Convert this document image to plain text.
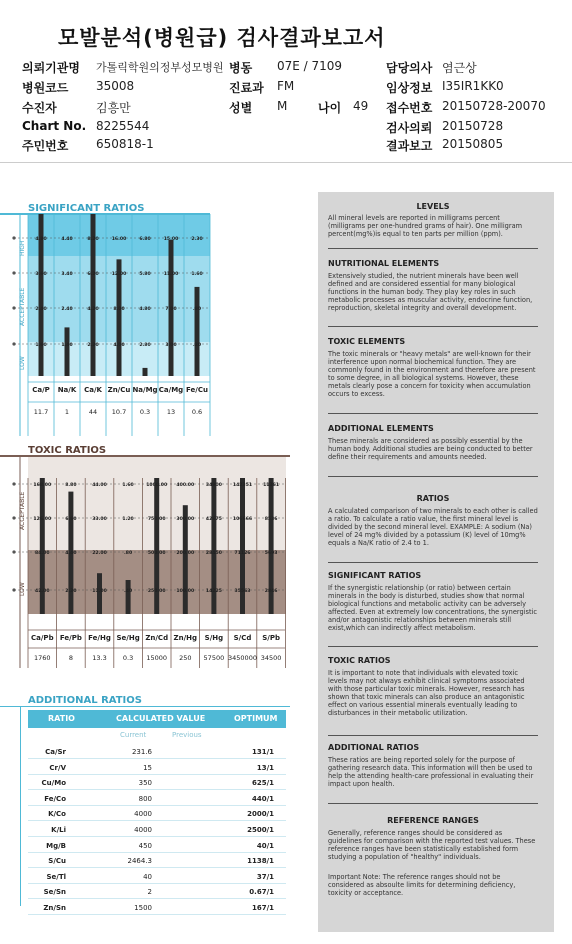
모발분석(병원급) 검사결과보고서
의뢰기관명 가톨릭학원의정부성모병원 병동 07E / 7109	담당의사 염근상
병원코드 35008	진료과 FM	임상정보 I35IR1KK0
수진자	김흥만	성별 M	나이 49 접수번호 20150728-20070
Chart No. 8225544	검사의뢰 20150728
주민번호 650818-1	결과보고 20150805
SIGNIFICANT RATIOS
HIGH
ACCEPTABLE
LOW
4.80
3.60
2.40
1.60
4.40
3.40
2.40
1.40
8.20
6.20
4.20
2.20
16.00
12.00
8.00
4.00
6.80
5.80
4.80
2.80
15.00
11.00
7.00
3.00
2.30
1.60
.90
.20
Ca/P Na/K Ca/K Zn/Cu Na/Mg Ca/Mg Fe/Cu
11.7	1	44 10.7 0.3	13	0.6
TOXIC RATIOS
ACCEPTABLE
LOW
168.00
126.00
84.00
42.00
8.80
6.60
4.40
2.20
44.00
33.00
22.00
11.00
1.60
1.20
.80
.40
1000.00
750.00
500.00
250.00
400.00
300.00
200.00
100.00
34900
42675
28450
14225
142351
106666
71126
35563
11361
8536
5693
2846
Ca/Pb Fe/Pb Fe/Hg Se/Hg Zn/Cd Zn/Hg S/Hg S/Cd S/Pb
1760	8	13.3 0.3 15000 250 57500 3450000 34500
ADDITIONAL RATIOS
RATIO	CALCULATED VALUE	OPTIMUM
Current	Previous
Ca/Sr	231.6	131/1
Cr/V	15	13/1
Cu/Mo	350	625/1
Fe/Co	800	440/1
K/Co	4000	2000/1
K/Li	4000	2500/1
Mg/B	450	40/1
S/Cu	2464.3	1138/1
Se/Tl	40	37/1
Se/Sn	2	0.67/1
Zn/Sn	1500	167/1
LEVELS
All mineral levels are reported in milligrams percent (milligrams per one-hundred grams of hair). One milligram percent(mg%)is equal to ten parts per million (ppm).
NUTRITIONAL ELEMENTS
Extensively studied, the nutrient minerals have been well defined and are considered essential for many biological functions in the human body. They play key roles in such metabolic processes as muscular activity, endocrine function, reproduction, skeletal integrity and overall development.
TOXIC ELEMENTS
The toxic minerals or "heavy metals" are well-known for their interference upon normal biochemical function. They are commonly found in the environment and therefore are present to some degree, in all biological systems. However, these metals clearly pose a concern for toxicity when accumulation occurs to excess.
ADDITIONAL ELEMENTS
These minerals are considered as possibly essential by the human body. Additional studies are being conducted to better define their requirements and amounts needed.
RATIOS
A calculated comparison of two minerals to each other is called a ratio. To calculate a ratio value, the first mineral level is divided by the second mineral level. EXAMPLE: A sodium (Na) level of 24 mg% divided by a potassium (K) level of 10mg% equals a Na/K ratio of 2.4 to 1.
SIGNIFICANT RATIOS
If the synergistic relationship (or ratio) between certain minerals in the body is disturbed, studies show that normal biological functions and metabolic activity can be adversely affected. Even at extremely low concentrations, the synergistic and/or antagonistic relationships between minerals still exist,which can indirectly affect metabolism.
TOXIC RATIOS
It is important to note that individuals with elevated toxic levels may not always exhibit clinical symptoms associated with those particular toxic minerals. However, research has shown that toxic minerals can also produce an antagonistic effect on various essential minerals eventually leading to disturbances in their metabolic utilization.
ADDITIONAL RATIOS
These ratios are being reported solely for the purpose of gathering research data. This information will then be used to help the attending health-care professional in evaluating their impact upon health.
REFERENCE RANGES
Generally, reference ranges should be considered as guidelines for comparison with the reported test values. These reference ranges have been statistically established form studying a population of "healthy" individuals.
Important Note: The reference ranges should not be considered as absoulte limits for determining deficiency, toxicity or acceptance.
